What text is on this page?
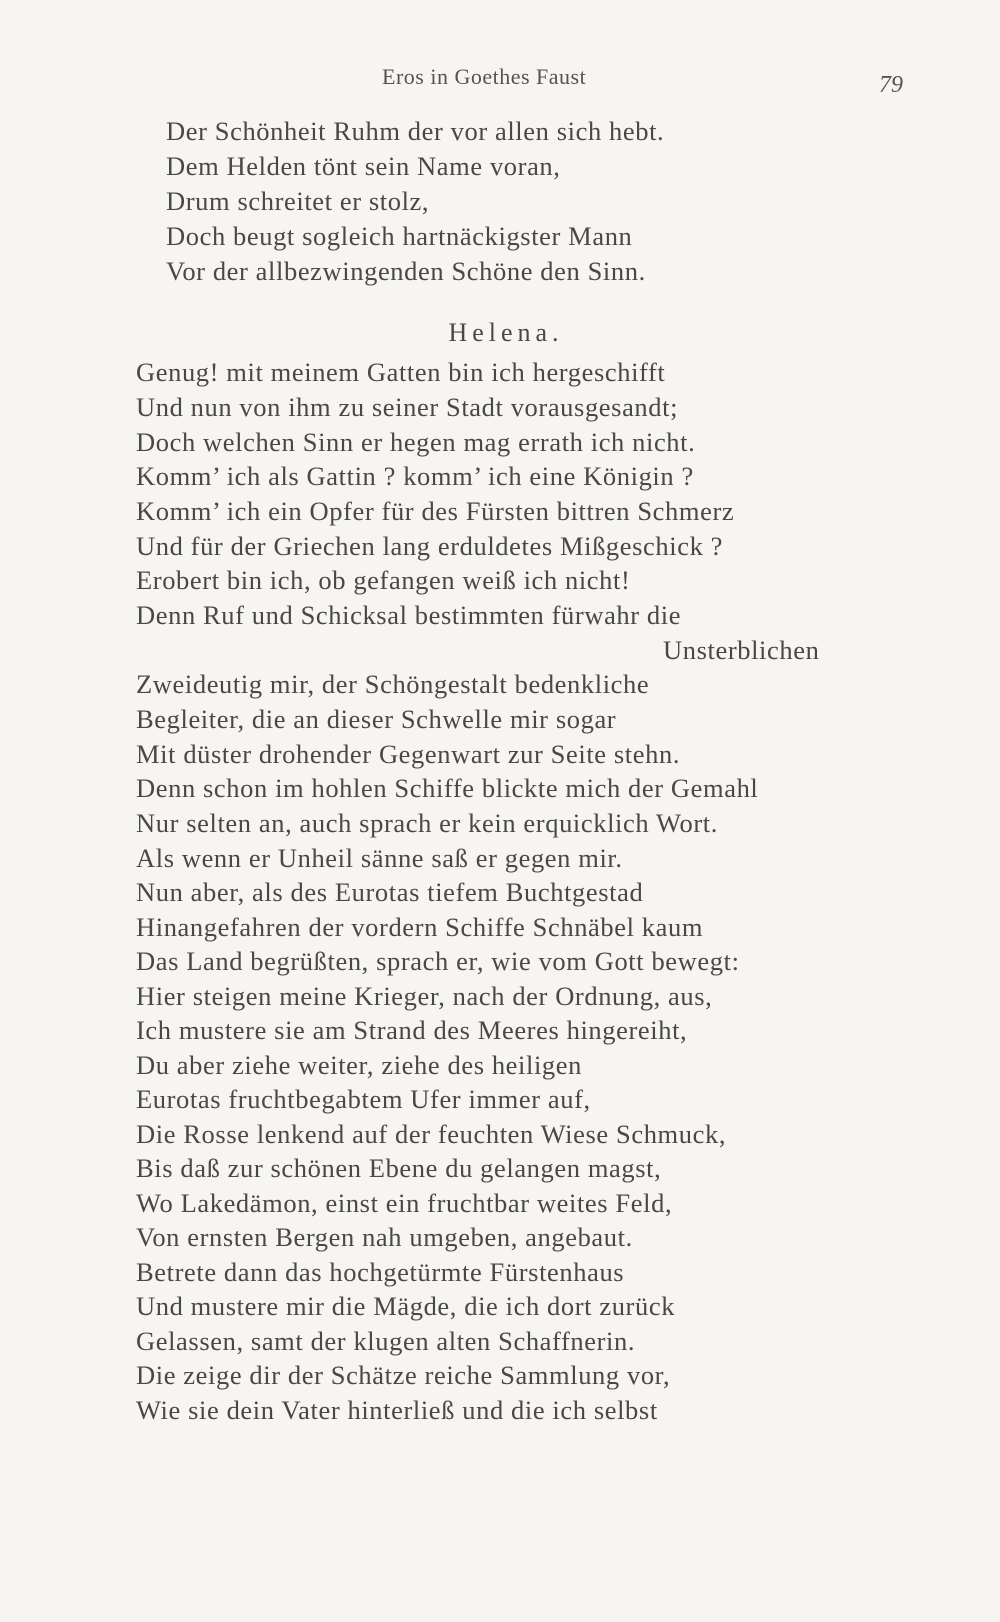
Eros in Goethes Faust	79
Der Schönheit Ruhm der vor allen sich hebt.
Dem Helden tönt sein Name voran,
Drum schreitet er stolz,
Doch beugt sogleich hartnäckigster Mann
Vor der allbezwingenden Schöne den Sinn.
Helena.
Genug! mit meinem Gatten bin ich hergeschifft
Und nun von ihm zu seiner Stadt vorausgesandt;
Doch welchen Sinn er hegen mag errath ich nicht.
Komm’ ich als Gattin ? komm’ ich eine Königin ?
Komm’ ich ein Opfer für des Fürsten bittren Schmerz
Und für der Griechen lang erduldetes Mißgeschick ?
Erobert bin ich, ob gefangen weiß ich nicht!
Denn Ruf und Schicksal bestimmten fürwahr die
Unsterblichen
Zweideutig mir, der Schöngestalt bedenkliche
Begleiter, die an dieser Schwelle mir sogar
Mit düster drohender Gegenwart zur Seite stehn.
Denn schon im hohlen Schiffe blickte mich der Gemahl
Nur selten an, auch sprach er kein erquicklich Wort.
Als wenn er Unheil sänne saß er gegen mir.
Nun aber, als des Eurotas tiefem Buchtgestad
Hinangefahren der vordern Schiffe Schnäbel kaum
Das Land begrüßten, sprach er, wie vom Gott bewegt:
Hier steigen meine Krieger, nach der Ordnung, aus,
Ich mustere sie am Strand des Meeres hingereiht,
Du aber ziehe weiter, ziehe des heiligen
Eurotas fruchtbegabtem Ufer immer auf,
Die Rosse lenkend auf der feuchten Wiese Schmuck,
Bis daß zur schönen Ebene du gelangen magst,
Wo Lakedämon, einst ein fruchtbar weites Feld,
Von ernsten Bergen nah umgeben, angebaut.
Betrete dann das hochgetürmte Fürstenhaus
Und mustere mir die Mägde, die ich dort zurück
Gelassen, samt der klugen alten Schaffnerin.
Die zeige dir der Schätze reiche Sammlung vor,
Wie sie dein Vater hinterließ und die ich selbst
